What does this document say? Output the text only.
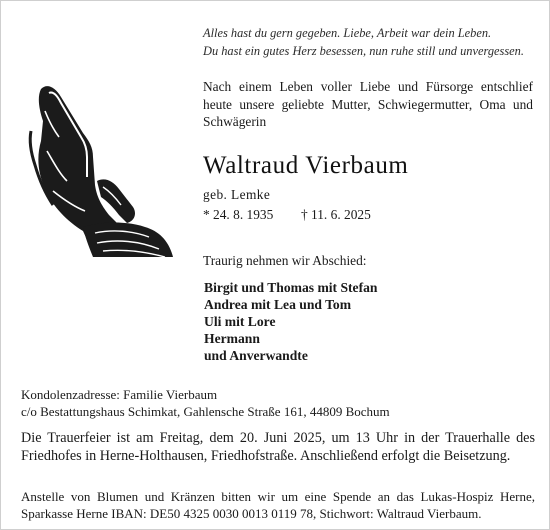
Alles hast du gern gegeben. Liebe, Arbeit war dein Leben.
Du hast ein gutes Herz besessen, nun ruhe still und unvergessen.
Nach einem Leben voller Liebe und Fürsorge entschlief heute unsere geliebte Mutter, Schwiegermutter, Oma und Schwägerin
Waltraud Vierbaum
geb. Lemke
* 24. 8. 1935 † 11. 6. 2025
Traurig nehmen wir Abschied:
Birgit und Thomas mit Stefan
Andrea mit Lea und Tom
Uli mit Lore
Hermann
und Anverwandte
Kondolenzadresse: Familie Vierbaum
c/o Bestattungshaus Schimkat, Gahlensche Straße 161, 44809 Bochum
Die Trauerfeier ist am Freitag, dem 20. Juni 2025, um 13 Uhr in der Trauerhalle des Friedhofes in Herne-Holthausen, Friedhofstraße. Anschließend erfolgt die Beisetzung.
Anstelle von Blumen und Kränzen bitten wir um eine Spende an das Lukas-Hospiz Herne, Sparkasse Herne IBAN: DE50 4325 0030 0013 0119 78, Stichwort: Waltraud Vierbaum.
